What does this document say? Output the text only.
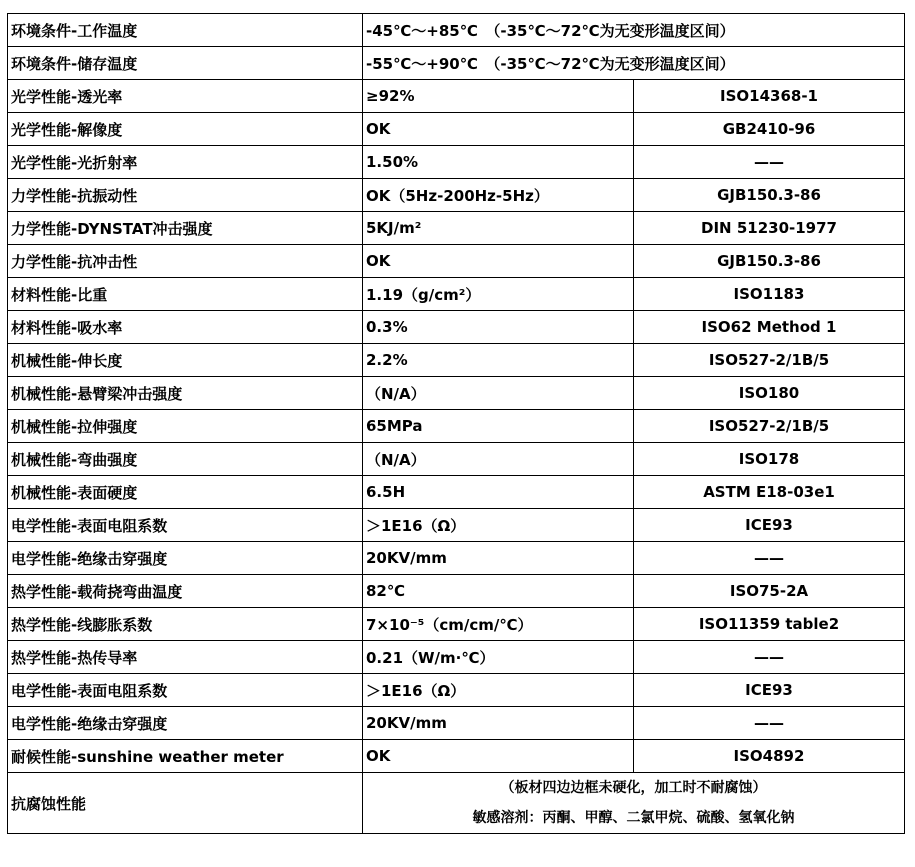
环境条件-工作温度	-45℃～+85℃　（-35℃～72℃为无变形温度区间）	
环境条件-储存温度	-55℃～+90℃　（-35℃～72℃为无变形温度区间）	
光学性能-透光率	≥92%	ISO14368-1
光学性能-解像度	OK	GB2410-96
光学性能-光折射率	1.50%	——
力学性能-抗振动性	OK（5Hz-200Hz-5Hz）	GJB150.3-86
力学性能-DYNSTAT冲击强度	5KJ/m²	DIN 51230-1977
力学性能-抗冲击性	OK	GJB150.3-86
材料性能-比重	1.19（g/cm²）	ISO1183
材料性能-吸水率	0.3%	ISO62 Method 1
机械性能-伸长度	2.2%	ISO527-2/1B/5
机械性能-悬臂梁冲击强度	（N/A）	ISO180
机械性能-拉伸强度	65MPa	ISO527-2/1B/5
机械性能-弯曲强度	（N/A）	ISO178
机械性能-表面硬度	6.5H	ASTM E18-03e1
电学性能-表面电阻系数	＞1E16（Ω）	ICE93
电学性能-绝缘击穿强度	20KV/mm	——
热学性能-载荷挠弯曲温度	82℃	ISO75-2A
热学性能-线膨胀系数	7×10⁻⁵（cm/cm/℃）	ISO11359 table2
热学性能-热传导率	0.21（W/m·℃）	——
电学性能-表面电阻系数	＞1E16（Ω）	ICE93
电学性能-绝缘击穿强度	20KV/mm	——
耐候性能-sunshine weather meter	OK	ISO4892
抗腐蚀性能	（板材四边边框未硬化，加工时不耐腐蚀）
敏感溶剂：丙酮、甲醇、二氯甲烷、硫酸、氢氧化钠	
